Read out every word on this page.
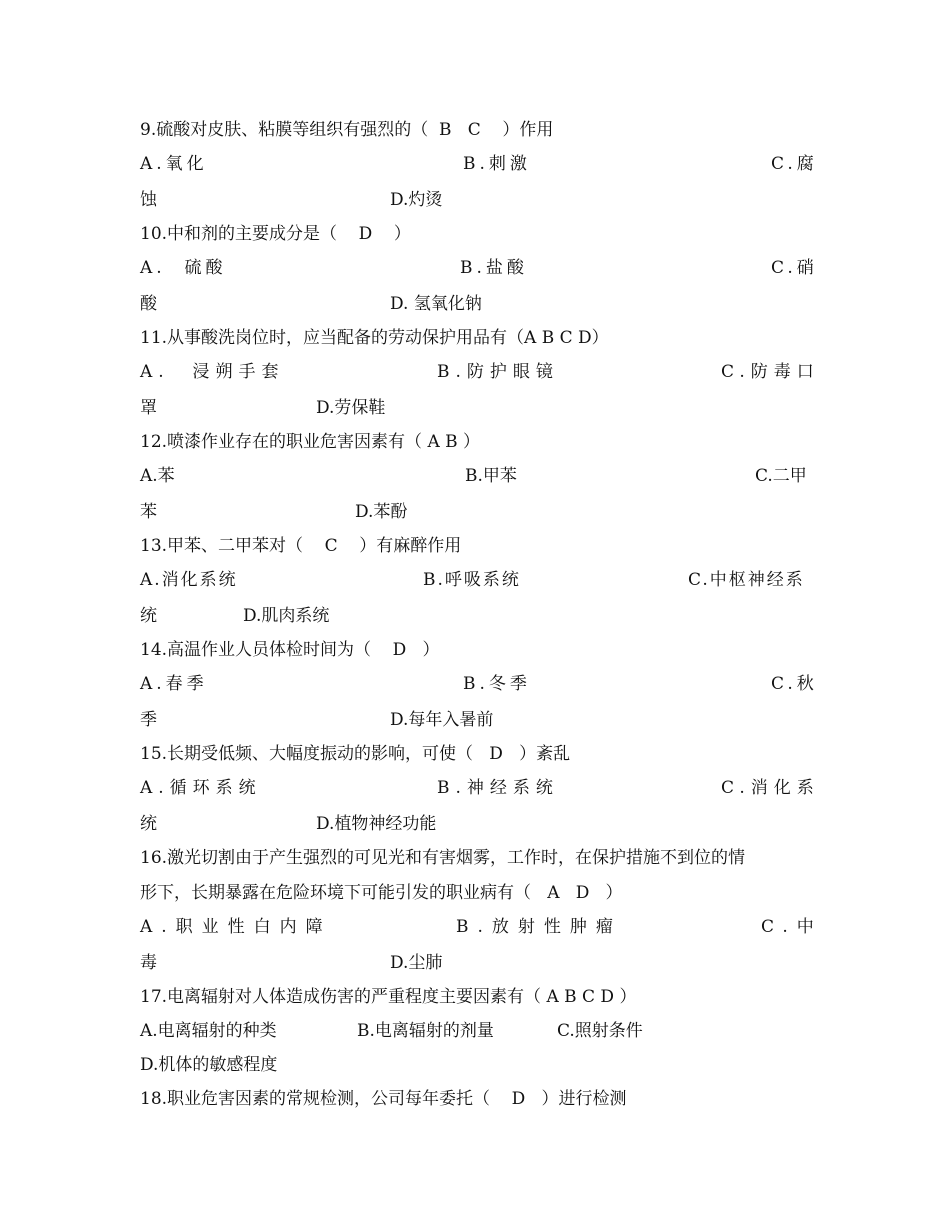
9.硫酸对皮肤、粘膜等组织有强烈的（  B   C    ）作用
A.氧化	B.刺激	C.腐
蚀	D.灼烫
10.中和剂的主要成分是（    D    ）
A.  硫酸	B.盐酸	C.硝
酸	D. 氢氧化钠
11.从事酸洗岗位时，应当配备的劳动保护用品有（A B C D）
A.  浸朔手套	B.防护眼镜	C.防毒口
罩	D.劳保鞋
12.喷漆作业存在的职业危害因素有（ A B ）
A.苯	B.甲苯	C.二甲
苯	D.苯酚
13.甲苯、二甲苯对（    C    ）有麻醉作用
A.消化系统	B.呼吸系统	C.中枢神经系
统	D.肌肉系统
14.高温作业人员体检时间为（    D   ）
A.春季	B.冬季	C.秋
季	D.每年入暑前
15.长期受低频、大幅度振动的影响，可使（   D   ）紊乱
A.循环系统	B.神经系统	C.消化系
统	D.植物神经功能
16.激光切割由于产生强烈的可见光和有害烟雾，工作时，在保护措施不到位的情
形下，长期暴露在危险环境下可能引发的职业病有（   A   D   ）
A.职业性白内障	B.放射性肿瘤	C.中
毒	D.尘肺
17.电离辐射对人体造成伤害的严重程度主要因素有（ A B C D ）
A.电离辐射的种类	B.电离辐射的剂量	C.照射条件
D.机体的敏感程度
18.职业危害因素的常规检测，公司每年委托（    D   ）进行检测
